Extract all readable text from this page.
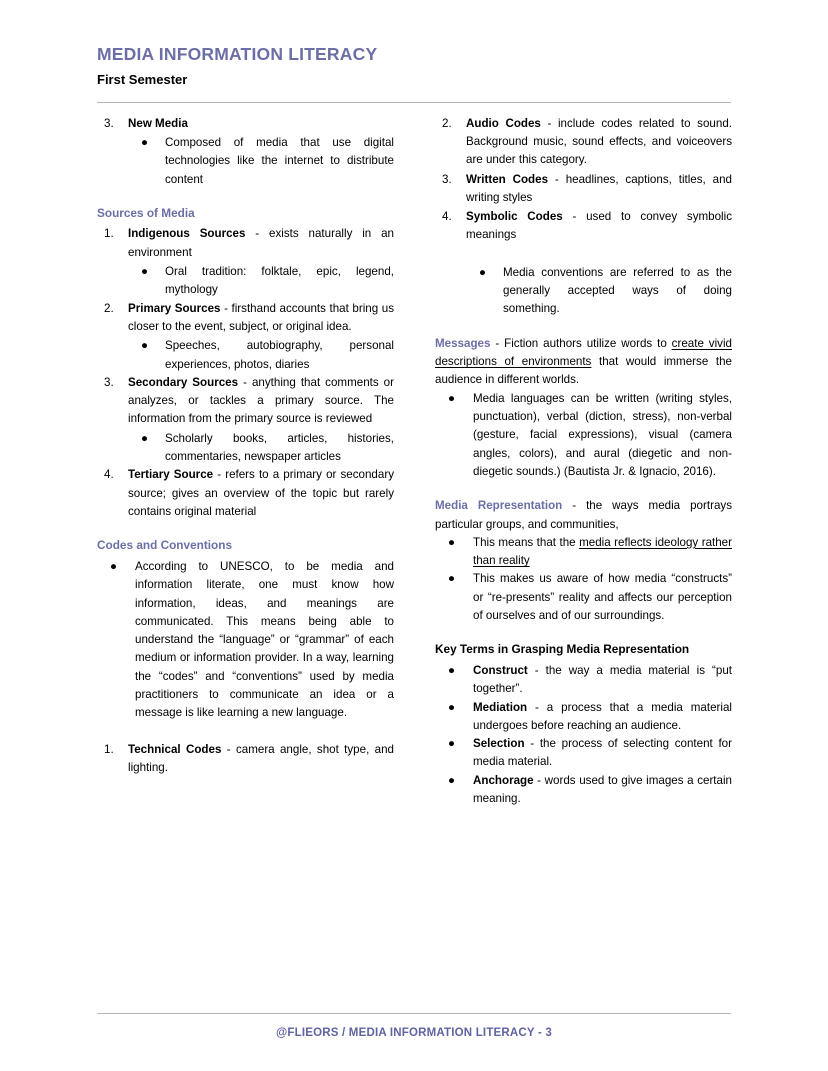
MEDIA INFORMATION LITERACY
First Semester
3. New Media
● Composed of media that use digital technologies like the internet to distribute content
Sources of Media
1. Indigenous Sources - exists naturally in an environment
● Oral tradition: folktale, epic, legend, mythology
2. Primary Sources - firsthand accounts that bring us closer to the event, subject, or original idea.
● Speeches, autobiography, personal experiences, photos, diaries
3. Secondary Sources - anything that comments or analyzes, or tackles a primary source. The information from the primary source is reviewed
● Scholarly books, articles, histories, commentaries, newspaper articles
4. Tertiary Source - refers to a primary or secondary source; gives an overview of the topic but rarely contains original material
Codes and Conventions
● According to UNESCO, to be media and information literate, one must know how information, ideas, and meanings are communicated. This means being able to understand the “language” or “grammar” of each medium or information provider. In a way, learning the “codes” and “conventions” used by media practitioners to communicate an idea or a message is like learning a new language.
1. Technical Codes - camera angle, shot type, and lighting.
2. Audio Codes - include codes related to sound. Background music, sound effects, and voiceovers are under this category.
3. Written Codes - headlines, captions, titles, and writing styles
4. Symbolic Codes - used to convey symbolic meanings
● Media conventions are referred to as the generally accepted ways of doing something.

Messages - Fiction authors utilize words to create vivid descriptions of environments that would immerse the audience in different worlds.

● Media languages can be written (writing styles, punctuation), verbal (diction, stress), non-verbal (gesture, facial expressions), visual (camera angles, colors), and aural (diegetic and non-diegetic sounds.) (Bautista Jr. & Ignacio, 2016).

Media Representation - the ways media portrays particular groups, and communities,

● This means that the media reflects ideology rather than reality
● This makes us aware of how media “constructs” or “re-presents” reality and affects our perception of ourselves and of our surroundings.
Key Terms in Grasping Media Representation
● Construct - the way a media material is “put together”.
● Mediation - a process that a media material undergoes before reaching an audience.
● Selection - the process of selecting content for media material.
● Anchorage - words used to give images a certain meaning.
@FLIEORS / MEDIA INFORMATION LITERACY - 3
